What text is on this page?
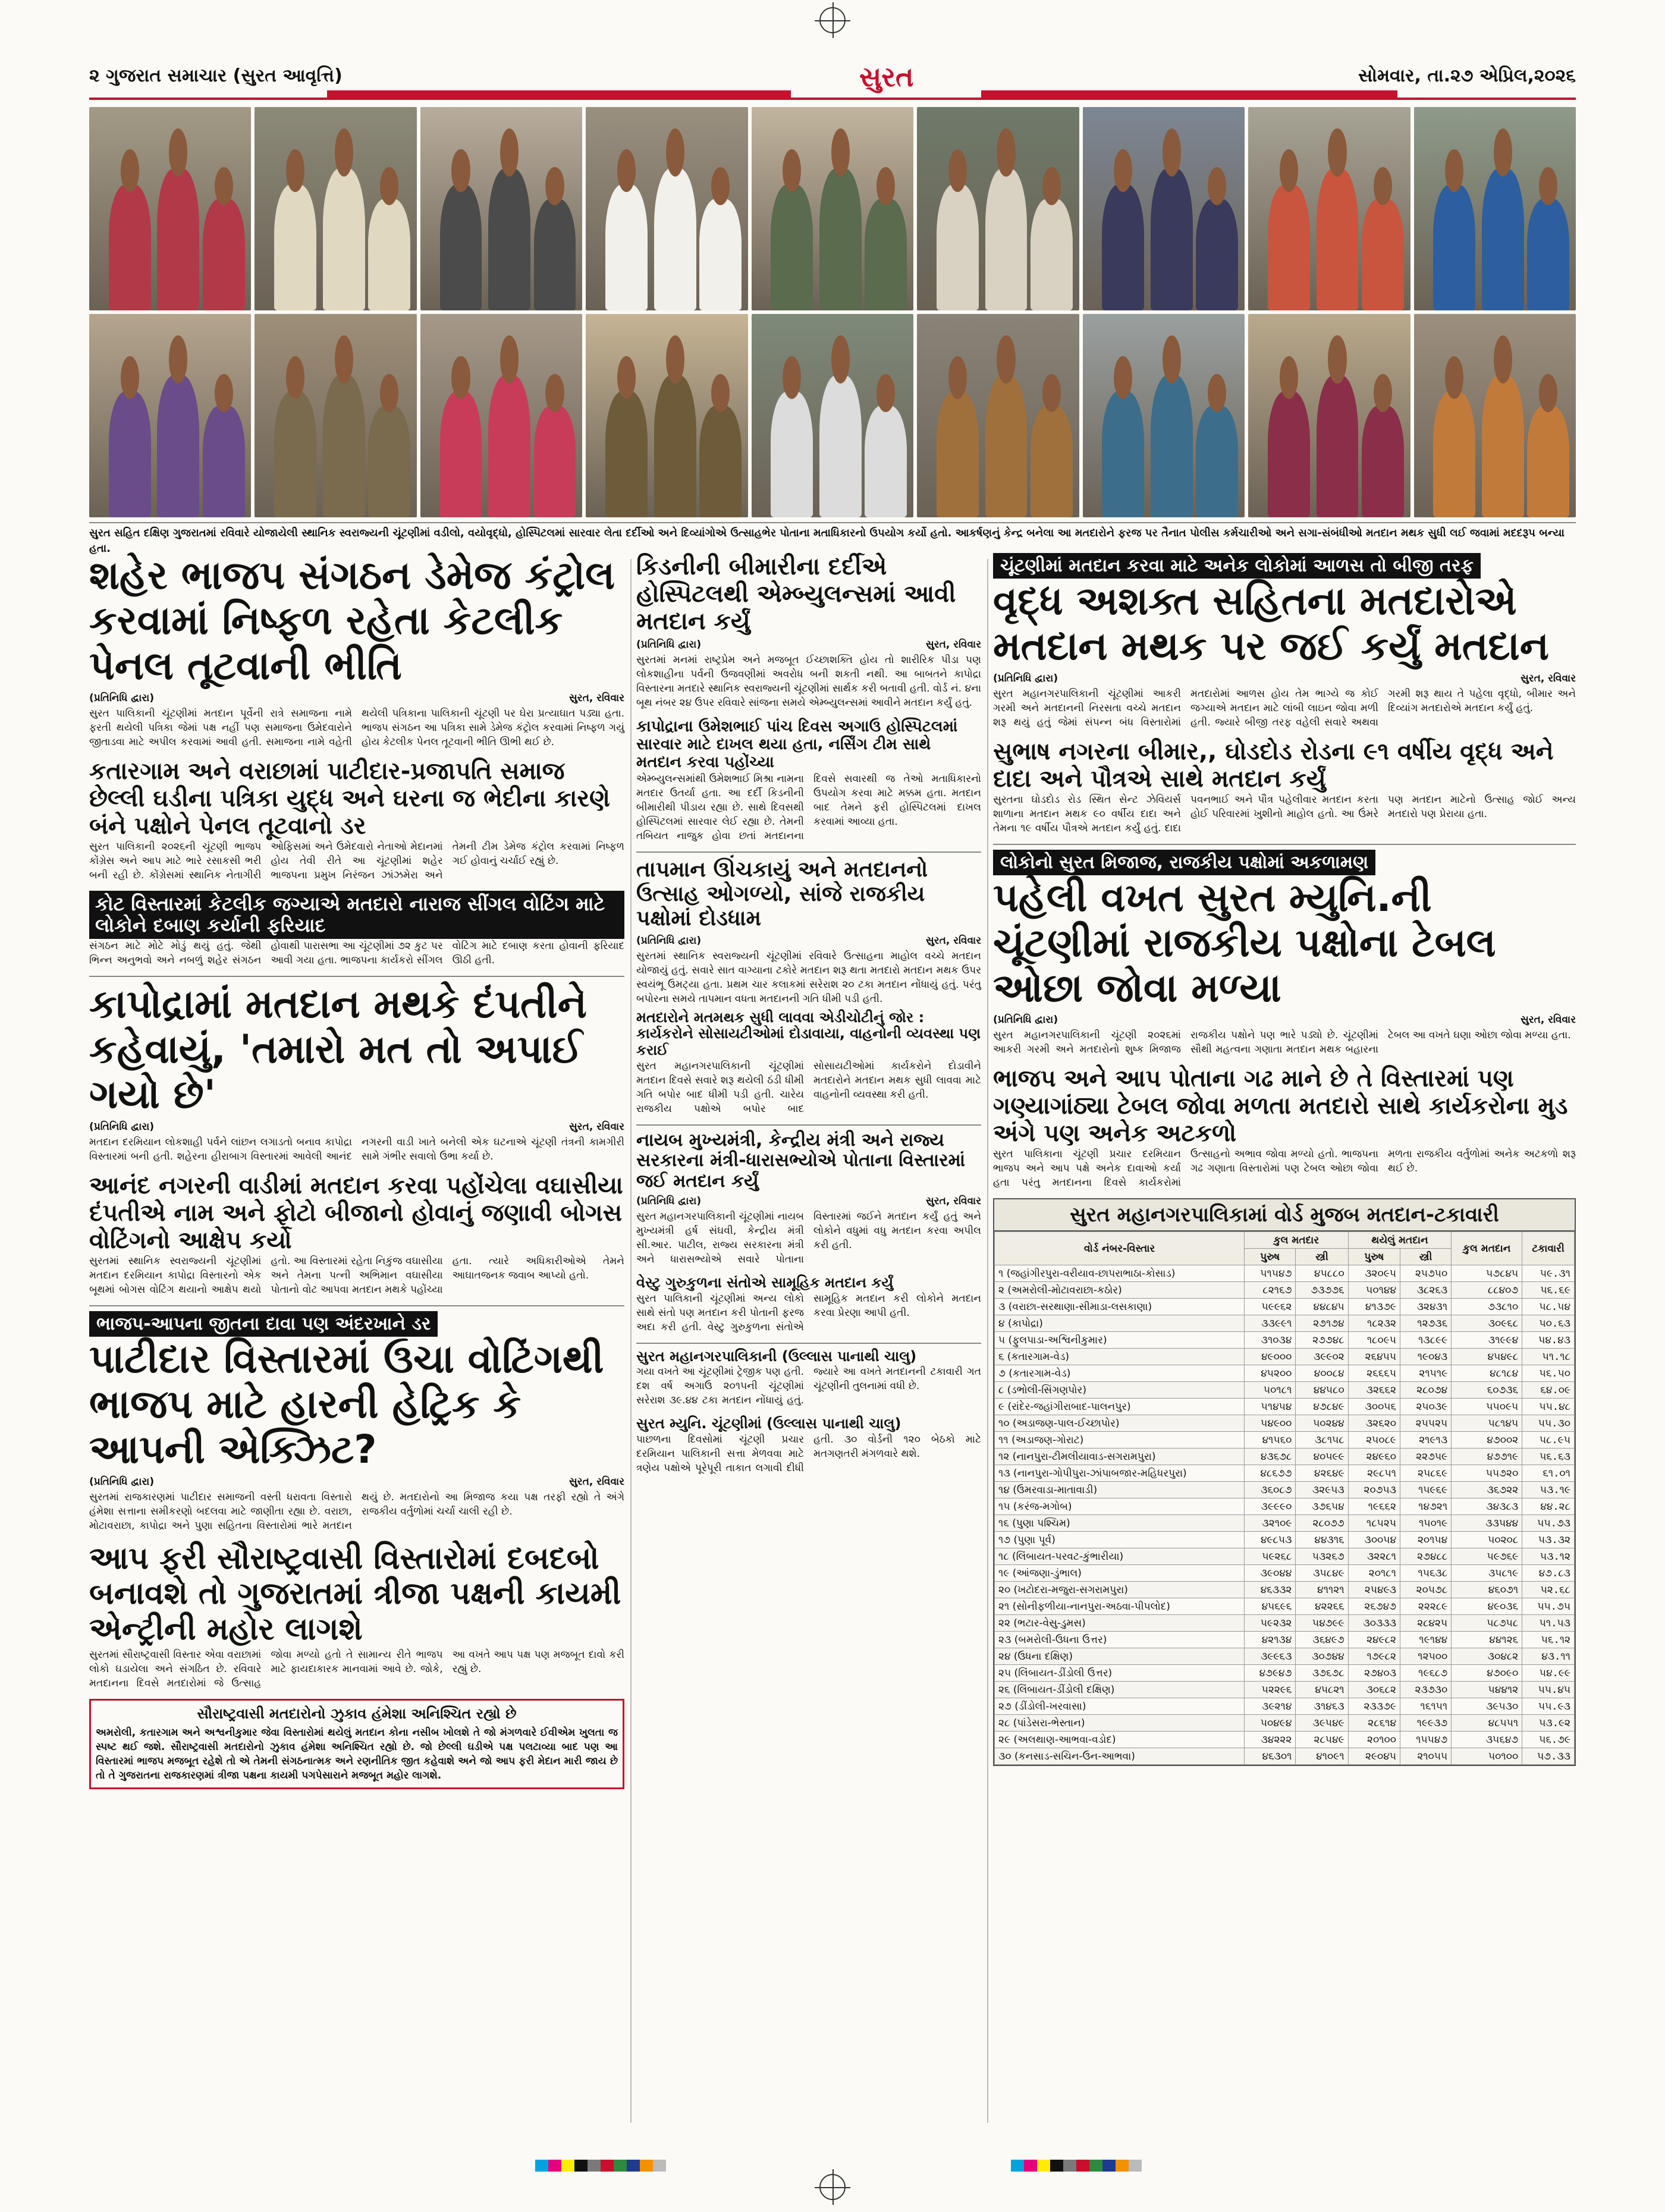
૨ ગુજરાત સમાચાર (સુરત આવૃત્તિ)	સુરત	સોમવાર, તા.૨૭ એપ્રિલ,૨૦૨૬
સુરત સહિત દક્ષિણ ગુજરાતમાં રવિવારે યોજાયેલી સ્થાનિક સ્વરાજ્યની ચૂંટણીમાં વડીલો, વયોવૃદ્ધો, હોસ્પિટલમાં સારવાર લેતા દર્દીઓ અને દિવ્યાંગોએ ઉત્સાહભેર પોતાના મતાધિકારનો ઉપયોગ કર્યો હતો. આકર્ષણનું કેન્દ્ર બનેલા આ મતદારોને ફરજ પર તૈનાત પોલીસ કર્મચારીઓ અને સગા-સંબંધીઓ મતદાન મથક સુધી લઈ જવામાં મદદરૂપ બન્યા હતા.
શહેર ભાજપ સંગઠન ડેમેજ કંટ્રોલ કરવામાં નિષ્ફળ રહેતા કેટલીક પેનલ તૂટવાની ભીતિ
(પ્રતિનિધિ દ્વારા)	સુરત, રવિવાર
સુરત પાલિકાની ચૂંટણીમાં મતદાન પૂર્વેની રાત્રે સમાજના નામે ફરતી થયેલી પત્રિકા જેમાં પક્ષ નહીં પણ સમાજના ઉમેદવારોને જીતાડવા માટે અપીલ કરવામાં આવી હતી. સમાજના નામે વહેતી થયેલી પત્રિકાના પાલિકાની ચૂંટણી પર ઘેરા પ્રત્યાઘાત પડ્યા હતા. ભાજપ સંગઠન આ પત્રિકા સામે ડેમેજ કંટ્રોલ કરવામાં નિષ્ફળ ગયું હોય કેટલીક પેનલ તૂટવાની ભીતિ ઊભી થઈ છે.
કતારગામ અને વરાછામાં પાટીદાર-પ્રજાપતિ સમાજ છેલ્લી ઘડીના પત્રિકા યુદ્ધ અને ઘરના જ ભેદીના કારણે બંને પક્ષોને પેનલ તૂટવાનો ડર
સુરત પાલિકાની ૨૦૨૬ની ચૂંટણી ભાજપ કોંગ્રેસ અને આપ માટે ભારે રસાકસી ભરી બની રહી છે. કોંગ્રેસમાં સ્થાનિક નેતાગીરી ઓફિસમાં અને ઉમેદવારો નેતાઓ મેદાનમાં હોય તેવી રીતે આ ચૂંટણીમાં શહેર ભાજપના પ્રમુખ નિરંજન ઝાંઝમેરા અને તેમની ટીમ ડેમેજ કંટ્રોલ કરવામાં નિષ્ફળ ગઈ હોવાનું ચર્ચાઈ રહ્યું છે.
કોટ વિસ્તારમાં કેટલીક જગ્યાએ મતદારો નારાજ સીંગલ વોટિંગ માટે લોકોને દબાણ કર્યાની ફરિયાદ
સંગઠન માટે મોટે મોડું થયું હતું. જેથી ભિન્ન અનુભવો અને નબળું શહેર સંગઠન હોવાથી પારાસભા આ ચૂંટણીમાં ૭૨ કુટ પર આવી ગયા હતા. ભાજપના કાર્યકરો સીંગલ વોટિંગ માટે દબાણ કરતા હોવાની ફરિયાદ ઊઠી હતી.
કાપોદ્રામાં મતદાન મથકે દંપતીને કહેવાયું, 'તમારો મત તો અપાઈ ગયો છે'
(પ્રતિનિધિ દ્વારા)	સુરત, રવિવાર
મતદાન દરમિયાન લોકશાહી પર્વને લાંછન લગાડતો બનાવ કાપોદ્રા વિસ્તારમાં બની હતી. શહેરના હીરાબાગ વિસ્તારમાં આવેલી આનંદ નગરની વાડી ખાતે બનેલી એક ઘટનાએ ચૂંટણી તંત્રની કામગીરી સામે ગંભીર સવાલો ઉભા કર્યા છે.
આનંદ નગરની વાડીમાં મતદાન કરવા પહોંચેલા વઘાસીયા દંપતીએ નામ અને ફોટો બીજાનો હોવાનું જણાવી બોગસ વોટિંગનો આક્ષેપ કર્યો
સુરતમાં સ્થાનિક સ્વરાજ્યની ચૂંટણીમાં મતદાન દરમિયાન કાપોદ્રા વિસ્તારનો એક બૂથમાં બોગસ વોટિંગ થયાનો આક્ષેપ થયો હતો. આ વિસ્તારમાં રહેતા નિકુંજ વઘાસીયા અને તેમના પત્ની અભિમાન વઘાસીયા પોતાનો વોટ આપવા મતદાન મથકે પહોંચ્યા હતા. ત્યારે અધિકારીઓએ તેમને આઘાતજનક જવાબ આપ્યો હતો.
ભાજપ-આપના જીતના દાવા પણ અંદરખાને ડર
પાટીદાર વિસ્તારમાં ઉંચા વોટિંગથી ભાજપ માટે હારની હેટ્રિક કે આપની એક્ઝિટ?
(પ્રતિનિધિ દ્વારા)	સુરત, રવિવાર
સુરતમાં રાજકારણમાં પાટીદાર સમાજની વસ્તી ધરાવતા વિસ્તારો હંમેશા સત્તાના સમીકરણો બદલવા માટે જાણીતા રહ્યા છે. વરાછા, મોટાવરાછા, કાપોદ્રા અને પુણા સહિતના વિસ્તારોમાં ભારે મતદાન થયું છે. મતદારોનો આ મિજાજ કયા પક્ષ તરફી રહ્યો તે અંગે રાજકીય વર્તુળોમાં ચર્ચા ચાલી રહી છે.
આપ ફરી સૌરાષ્ટ્રવાસી વિસ્તારોમાં દબદબો બનાવશે તો ગુજરાતમાં ત્રીજા પક્ષની કાયમી એન્ટ્રીની મહોર લાગશે
સુરતમાં સૌરાષ્ટ્રવાસી વિસ્તાર એવા વરાછામાં લોકો ઘડાયેલા અને સંગઠિત છે. રવિવારે મતદાનના દિવસે મતદારોમાં જે ઉત્સાહ જોવા મળ્યો હતો તે સામાન્ય રીતે ભાજપ માટે ફાયદાકારક માનવામાં આવે છે. જોકે, આ વખતે આપ પક્ષ પણ મજબૂત દાવો કરી રહ્યું છે.
સૌરાષ્ટ્રવાસી મતદારોનો ઝુકાવ હંમેશા અનિશ્ચિત રહ્યો છે
અમરોલી, કતારગામ અને અશ્વનીકુમાર જેવા વિસ્તારોમાં થયેલું મતદાન કોના નસીબ ખોલશે તે જો મંગળવારે ઈવીએમ ખુલતા જ સ્પષ્ટ થઈ જશે. સૌરાષ્ટ્રવાસી મતદારોનો ઝુકાવ હંમેશા અનિશ્ચિત રહ્યો છે. જો છેલ્લી ઘડીએ પક્ષ પલટાવ્યા બાદ પણ આ વિસ્તારમાં ભાજપ મજબૂત રહેશે તો એ તેમની સંગઠનાત્મક અને રણનીતિક જીત કહેવાશે અને જો આપ ફરી મેદાન મારી જાય છે તો તે ગુજરાતના રાજકારણમાં ત્રીજા પક્ષના કાયમી પગપેસારાને મજબૂત મહોર લાગશે.
કિડનીની બીમારીના દર્દીએ હોસ્પિટલથી એમ્બ્યુલન્સમાં આવી મતદાન કર્યું
(પ્રતિનિધિ દ્વારા)	સુરત, રવિવાર
સુરતમાં મનમાં રાષ્ટ્રપ્રેમ અને મજબૂત ઈચ્છાશક્તિ હોય તો શારીરિક પીડા પણ લોકશાહીના પર્વની ઉજવણીમાં અવરોધ બની શકતી નથી. આ બાબતને કાપોદ્રા વિસ્તારના મતદારે સ્થાનિક સ્વરાજ્યની ચૂંટણીમાં સાર્થક કરી બતાવી હતી. વોર્ડ નં. ૪ના બૂથ નંબર ૨૪ ઉપર રવિવારે સાંજના સમયે એમ્બ્યુલન્સમાં આવીને મતદાન કર્યું હતું.
કાપોદ્રાના ઉમેશભાઈ પાંચ દિવસ અગાઉ હોસ્પિટલમાં સારવાર માટે દાખલ થયા હતા, નર્સિંગ ટીમ સાથે મતદાન કરવા પહોંચ્યા
એમ્બ્યુલન્સમાંથી ઉમેશભાઈ મિશ્રા નામના મતદાર ઉતર્યા હતા. આ દર્દી કિડનીની બીમારીથી પીડાય રહ્યા છે. સાથે દિવસથી હોસ્પિટલમાં સારવાર લેઈ રહ્યા છે. તેમની તબિયત નાજુક હોવા છતાં મતદાનના દિવસે સવારથી જ તેઓ મતાધિકારનો ઉપયોગ કરવા માટે મક્કમ હતા. મતદાન બાદ તેમને ફરી હોસ્પિટલમાં દાખલ કરવામાં આવ્યા હતા.
તાપમાન ઊંચકાયું અને મતદાનનો ઉત્સાહ ઓગળ્યો, સાંજે રાજકીય પક્ષોમાં દોડધામ
(પ્રતિનિધિ દ્વારા)	સુરત, રવિવાર
સુરતમાં સ્થાનિક સ્વરાજ્યની ચૂંટણીમાં રવિવારે ઉત્સાહના માહોલ વચ્ચે મતદાન યોજાયું હતું. સવારે સાત વાગ્યાના ટકોરે મતદાન શરૂ થતા મતદારો મતદાન મથક ઉપર સ્વયંભૂ ઉમટ્યા હતા. પ્રથમ ચાર કલાકમાં સરેરાશ ૨૦ ટકા મતદાન નોંધાયું હતું. પરંતુ બપોરના સમયે તાપમાન વધતા મતદાનની ગતિ ધીમી પડી હતી.
મતદારોને મતમથક સુધી લાવવા એડીચોટીનું જોર : કાર્યકરોને સોસાયટીઓમાં દોડાવાયા, વાહનોની વ્યવસ્થા પણ કરાઈ
સુરત મહાનગરપાલિકાની ચૂંટણીમાં મતદાન દિવસે સવારે શરૂ થયેલી ઠંડી ધીમી ગતિ બપોર બાદ ધીમી પડી હતી. ચારેય રાજકીય પક્ષોએ બપોર બાદ સોસાયટીઓમાં કાર્યકરોને દોડાવીને મતદારોને મતદાન મથક સુધી લાવવા માટે વાહનોની વ્યવસ્થા કરી હતી.
નાયબ મુખ્યમંત્રી, કેન્દ્રીય મંત્રી અને રાજ્ય સરકારના મંત્રી-ધારાસભ્યોએ પોતાના વિસ્તારમાં જઈ મતદાન કર્યું
(પ્રતિનિધિ દ્વારા)	સુરત, રવિવાર
સુરત મહાનગરપાલિકાની ચૂંટણીમાં નાયબ મુખ્યમંત્રી હર્ષ સંઘવી, કેન્દ્રીય મંત્રી સી.આર. પાટીલ, રાજ્ય સરકારના મંત્રી અને ધારાસભ્યોએ સવારે પોતાના વિસ્તારમાં જઈને મતદાન કર્યું હતું અને લોકોને વધુમાં વધુ મતદાન કરવા અપીલ કરી હતી.
વેસ્ટુ ગુરુકુળના સંતોએ સામૂહિક મતદાન કર્યું
સુરત પાલિકાની ચૂંટણીમાં અન્ય લોકો સાથે સંતો પણ મતદાન કરી પોતાની ફરજ અદા કરી હતી. વેસ્ટુ ગુરુકુળના સંતોએ સામૂહિક મતદાન કરી લોકોને મતદાન કરવા પ્રેરણા આપી હતી.
સુરત મહાનગરપાલિકાની (ઉલ્લાસ પાનાથી ચાલુ)
ગયા વખતે આ ચૂંટણીમાં ટ્રેજીક પણ હતી. દશ વર્ષ અગાઉ ૨૦૧૫ની ચૂંટણીમાં સરેરાશ ૩૯.૪૪ ટકા મતદાન નોંધાયું હતું. જ્યારે આ વખતે મતદાનની ટકાવારી ગત ચૂંટણીની તુલનામાં વધી છે.
સુરત મ્યુનિ. ચૂંટણીમાં (ઉલ્લાસ પાનાથી ચાલુ)
પાછળના દિવસોમાં ચૂંટણી પ્રચાર દરમિયાન પાલિકાની સત્તા મેળવવા માટે ત્રણેય પક્ષોએ પૂરેપૂરી તાકાત લગાવી દીધી હતી. ૩૦ વોર્ડની ૧૨૦ બેઠકો માટે મતગણતરી મંગળવારે થશે.
ચૂંટણીમાં મતદાન કરવા માટે અનેક લોકોમાં આળસ તો બીજી તરફ
વૃદ્ધ અશક્ત સહિતના મતદારોએ મતદાન મથક પર જઈ કર્યું મતદાન
(પ્રતિનિધિ દ્વારા)	સુરત, રવિવાર
સુરત મહાનગરપાલિકાની ચૂંટણીમાં આકરી ગરમી અને મતદાનની નિરસતા વચ્ચે મતદાન શરૂ થયું હતું જેમાં સંપન્ન બંધ વિસ્તારોમાં મતદારોમાં આળસ હોય તેમ ભાગ્યે જ કોઈ જગ્યાએ મતદાન માટે લાંબી લાઇન જોવા મળી હતી. જ્યારે બીજી તરફ વહેલી સવારે અથવા ગરમી શરૂ થાય તે પહેલા વૃદ્ધો, બીમાર અને દિવ્યાંગ મતદારોએ મતદાન કર્યું હતું.
સુભાષ નગરના બીમાર,, ઘોડદોડ રોડના ૯૧ વર્ષીય વૃદ્ધ અને દાદા અને પૌત્રએ સાથે મતદાન કર્યું
સુરતના ઘોડદોડ રોડ સ્થિત સેન્ટ ઝેવિયર્સ શાળાના મતદાન મથક ૯૦ વર્ષીય દાદા અને તેમના ૧૯ વર્ષીય પૌત્રએ મતદાન કર્યું હતું. દાદા પવનભાઈ અને પૌત્ર પહેલીવાર મતદાન કરતા હોઈ પરિવારમાં ખુશીનો માહોલ હતો. આ ઉંમરે પણ મતદાન માટેનો ઉત્સાહ જોઈ અન્ય મતદારો પણ પ્રેરાયા હતા.
લોકોનો સુરત મિજાજ, રાજકીય પક્ષોમાં અકળામણ
પહેલી વખત સુરત મ્યુનિ.ની ચૂંટણીમાં રાજકીય પક્ષોના ટેબલ ઓછા જોવા મળ્યા
(પ્રતિનિધિ દ્વારા)	સુરત, રવિવાર
સુરત મહાનગરપાલિકાની ચૂંટણી ૨૦૨૬માં આકરી ગરમી અને મતદારોનો શુષ્ક મિજાજ રાજકીય પક્ષોને પણ ભારે પડ્યો છે. ચૂંટણીમાં સૌથી મહત્વના ગણાતા મતદાન મથક બહારના ટેબલ આ વખતે ઘણા ઓછા જોવા મળ્યા હતા.
ભાજપ અને આપ પોતાના ગઢ માને છે તે વિસ્તારમાં પણ ગણ્યાગાંઠ્યા ટેબલ જોવા મળતા મતદારો સાથે કાર્યકરોના મુડ અંગે પણ અનેક અટકળો
સુરત પાલિકાના ચૂંટણી પ્રચાર દરમિયાન ભાજપ અને આપ પક્ષે અનેક દાવાઓ કર્યા હતા પરંતુ મતદાનના દિવસે કાર્યકરોમાં ઉત્સાહનો અભાવ જોવા મળ્યો હતો. ભાજપના ગઢ ગણાતા વિસ્તારોમાં પણ ટેબલ ઓછા જોવા મળતા રાજકીય વર્તુળોમાં અનેક અટકળો શરૂ થઈ છે.
સુરત મહાનગરપાલિકામાં વોર્ડ મુજબ મતદાન-ટકાવારી
વોર્ડ નંબર-વિસ્તાર	કુલ મતદાર		થયેલું મતદાન		કુલ મતદાન	ટકાવારી
	પુરુષ	સ્ત્રી	પુરુષ	સ્ત્રી		
૧ (જહાંગીરપુરા-વરીયાવ-છાપરાભાઠા-કોસાડ)	૫૧૫૪૭	૪૫૮૮૦	૩૨૦૯૫	૨૫૭૫૦	૫૭૮૪૫	૫૯.૩૧
૨ (અમરોલી-મોટાવરાછા-કઠોર)	૮૨૧૬૭	૭૩૭૭૬	૫૦૧૪૪	૩૮૨૬૩	૮૮૪૦૭	૫૬.૬૯
૩ (વરાછા-સરથાણા-સીમાડા-લસકાણા)	૫૯૯૬૨	૪૪૮૪૫	૪૧૩૭૯	૩૨૪૩૧	૭૩૮૧૦	૫૮.૫૪
૪ (કાપોદ્રા)	૩૩૯૯૧	૨૭૧૭૪	૧૮૨૩૨	૧૨૭૩૬	૩૦૯૬૮	૫૦.૬૩
૫ (ફુલપાડા-અશ્વિનીકુમાર)	૩૧૦૩૪	૨૭૭૪૮	૧૮૦૯૫	૧૩૮૯૯	૩૧૯૯૪	૫૪.૪૩
૬ (કતારગામ-વેડ)	૪૯૦૦૦	૩૯૯૦૨	૨૬૪૫૫	૧૯૦૪૩	૪૫૪૯૮	૫૧.૧૮
૭ (કતારગામ-વેડ)	૪૫૨૦૦	૪૦૦૮૪	૨૬૬૬૫	૨૧૫૧૯	૪૮૧૮૪	૫૬.૫૦
૮ (ડભોલી-સિંગણપોર)	૫૦૧૮૧	૪૪૫૮૦	૩૨૬૬૨	૨૮૦૭૪	૬૦૭૩૬	૬૪.૦૯
૯ (રાંદેર-જહાંગીરાબાદ-પાલનપુર)	૫૧૪૫૪	૪૭૮૪૯	૩૦૦૫૬	૨૫૦૩૯	૫૫૦૯૫	૫૫.૪૮
૧૦ (અડાજણ-પાલ-ઈચ્છાપોર)	૫૪૯૦૦	૫૦૨૪૪	૩૨૬૨૦	૨૫૫૨૫	૫૮૧૪૫	૫૫.૩૦
૧૧ (અડાજણ-ગોરાટ)	૪૧૫૬૦	૩૮૧૫૮	૨૫૦૮૯	૨૧૯૧૩	૪૭૦૦૨	૫૮.૯૫
૧૨ (નાનપુરા-ટીમલીયાવાડ-સગરામપુરા)	૪૩૬૭૮	૪૦૫૯૯	૨૪૯૬૦	૨૨૭૫૯	૪૭૭૧૯	૫૬.૬૩
૧૩ (નાનપુરા-ગોપીપુરા-ઝાંપાબજાર-મહિધરપુરા)	૪૮૬૭૭	૪૨૬૪૯	૨૯૮૫૧	૨૫૮૬૯	૫૫૭૨૦	૬૧.૦૧
૧૪ (ઉમરવાડા-માતાવાડી)	૩૬૦૮૭	૩૨૯૫૩	૨૦૭૫૩	૧૫૯૬૯	૩૬૭૨૨	૫૩.૧૯
૧૫ (કરંજ-મગોબ)	૩૯૯૯૦	૩૭૬૫૪	૧૯૬૬૨	૧૪૭૨૧	૩૪૩૮૩	૪૪.૨૮
૧૬ (પુણા પશ્ચિમ)	૩૨૧૦૯	૨૮૦૭૭	૧૮૫૨૫	૧૫૦૧૯	૩૩૫૪૪	૫૫.૭૩
૧૭ (પુણા પૂર્વ)	૪૯૮૫૩	૪૪૩૧૬	૩૦૦૫૪	૨૦૧૫૪	૫૦૨૦૮	૫૩.૩૨
૧૮ (લિંબાયત-પરવટ-કુંભારીયા)	૫૯૨૬૮	૫૩૨૬૭	૩૨૨૮૧	૨૭૪૮૮	૫૯૭૬૯	૫૩.૧૨
૧૯ (આંજણા-ડુંભાલ)	૩૯૦૪૪	૩૫૮૪૯	૨૦૧૮૧	૧૫૬૩૮	૩૫૮૧૯	૪૭.૮૩
૨૦ (ખટોદરા-મજુરા-સગરામપુરા)	૪૬૩૩૨	૪૧૧૨૧	૨૫૪૯૩	૨૦૫૭૮	૪૬૦૭૧	૫૨.૬૮
૨૧ (સોનીફળીયા-નાનપુરા-અઠવા-પીપલોદ)	૪૫૬૯૬	૪૨૨૬૬	૨૬૭૪૭	૨૨૨૮૯	૪૯૦૩૬	૫૫.૭૫
૨૨ (ભટાર-વેસુ-ડુમસ)	૫૯૨૩૨	૫૪૭૯૯	૩૦૩૩૩	૨૮૪૨૫	૫૮૭૫૮	૫૧.૫૩
૨૩ (બમરોલી-ઉધના ઉત્તર)	૪૨૧૩૪	૩૬૪૯૭	૨૪૯૮૨	૧૯૧૪૪	૪૪૧૨૬	૫૬.૧૨
૨૪ (ઉધના દક્ષિણ)	૩૯૯૬૩	૩૦૭૪૪	૧૭૯૮૨	૧૨૫૦૦	૩૦૪૮૨	૪૩.૧૧
૨૫ (લિંબાયત-ડીંડોલી ઉત્તર)	૪૭૯૪૭	૩૭૬૭૮	૨૭૪૦૩	૧૯૬૮૭	૪૭૦૯૦	૫૪.૯૯
૨૬ (લિંબાયત-ડીંડોલી દક્ષિણ)	૫૨૨૯૬	૪૫૮૨૧	૩૦૬૮૨	૨૩૭૩૦	૫૪૪૧૨	૫૫.૪૫
૨૭ (ડીંડોલી-ખરવાસા)	૩૯૨૧૪	૩૧૪૬૩	૨૩૩૭૯	૧૬૧૫૧	૩૯૫૩૦	૫૫.૯૩
૨૮ (પાંડેસરા-ભેસ્તાન)	૫૦૪૯૪	૩૯૫૪૯	૨૮૬૧૪	૧૯૯૩૭	૪૮૫૫૧	૫૩.૯૨
૨૯ (અલથાણ-આભવા-વડોદ)	૩૪૨૨૨	૨૮૫૪૯	૨૦૧૦૦	૧૫૫૪૭	૩૫૬૪૭	૫૬.૭૯
૩૦ (કનસાડ-સચિન-ઉન-આભવા)	૪૬૩૦૧	૪૧૦૯૧	૨૯૦૪૫	૨૧૦૫૫	૫૦૧૦૦	૫૭.૩૩
